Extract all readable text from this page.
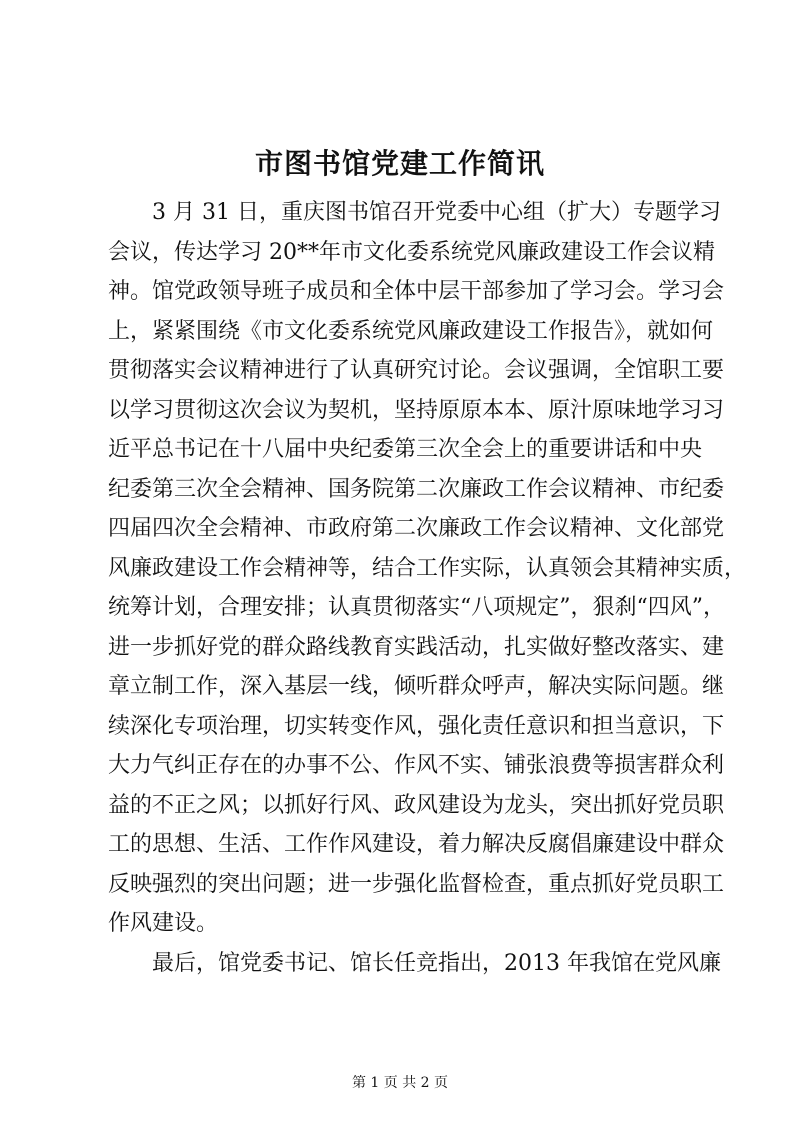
市图书馆党建工作简讯
3 月 31 日，重庆图书馆召开党委中心组（扩大）专题学习
会议，传达学习 20**年市文化委系统党风廉政建设工作会议精
神。馆党政领导班子成员和全体中层干部参加了学习会。学习会
上，紧紧围绕《市文化委系统党风廉政建设工作报告》，就如何
贯彻落实会议精神进行了认真研究讨论。会议强调，全馆职工要
以学习贯彻这次会议为契机，坚持原原本本、原汁原味地学习习
近平总书记在十八届中央纪委第三次全会上的重要讲话和中央
纪委第三次全会精神、国务院第二次廉政工作会议精神、市纪委
四届四次全会精神、市政府第二次廉政工作会议精神、文化部党
风廉政建设工作会精神等，结合工作实际，认真领会其精神实质，
统筹计划，合理安排；认真贯彻落实“八项规定”，狠刹“四风”，
进一步抓好党的群众路线教育实践活动，扎实做好整改落实、建
章立制工作，深入基层一线，倾听群众呼声，解决实际问题。继
续深化专项治理，切实转变作风，强化责任意识和担当意识，下
大力气纠正存在的办事不公、作风不实、铺张浪费等损害群众利
益的不正之风；以抓好行风、政风建设为龙头，突出抓好党员职
工的思想、生活、工作作风建设，着力解决反腐倡廉建设中群众
反映强烈的突出问题；进一步强化监督检查，重点抓好党员职工
作风建设。
最后，馆党委书记、馆长任竞指出，2013 年我馆在党风廉
第 1 页 共 2 页
